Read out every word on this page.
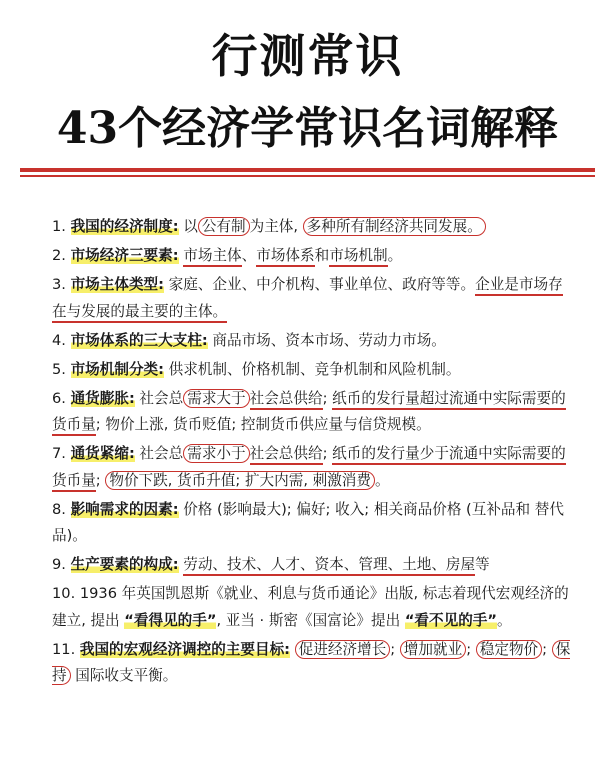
行测常识
43个经济学常识名词解释
1. 我国的经济制度: 以 公有制 为主体, 多种所有制经济共同发展。
2. 市场经济三要素: 市场主体、市场体系和市场机制。
3. 市场主体类型: 家庭、企业、中介机构、事业单位、政府等等。企业是市场存 在与发展的最主要的主体。
4. 市场体系的三大支柱: 商品市场、资本市场、劳动力市场。
5. 市场机制分类: 供求机制、价格机制、竞争机制和风险机制。
6. 通货膨胀: 社会总 需求大于 社会总供给; 纸币的发行量超过流通中实际需要的 货币量; 物价上涨, 货币贬值; 控制货币供应量与信贷规模。
7. 通货紧缩: 社会总 需求小于 社会总供给; 纸币的发行量少于流通中实际需要的 货币量; 物价下跌, 货币升值; 扩大内需, 刺激消费 。
8. 影响需求的因素: 价格 (影响最大); 偏好; 收入; 相关商品价格 (互补品和 替代品)。
9. 生产要素的构成: 劳动、技术、人才、资本、管理、土地、房屋等
10. 1936 年英国凯恩斯《就业、利息与货币通论》出版, 标志着现代宏观经济的 建立, 提出 “看得见的手”, 亚当 · 斯密《国富论》提出 “看不见的手”。
11. 我国的宏观经济调控的主要目标: 促进经济增长 ; 增加就业 ; 稳定物价 ; 保持 国际收支平衡。
